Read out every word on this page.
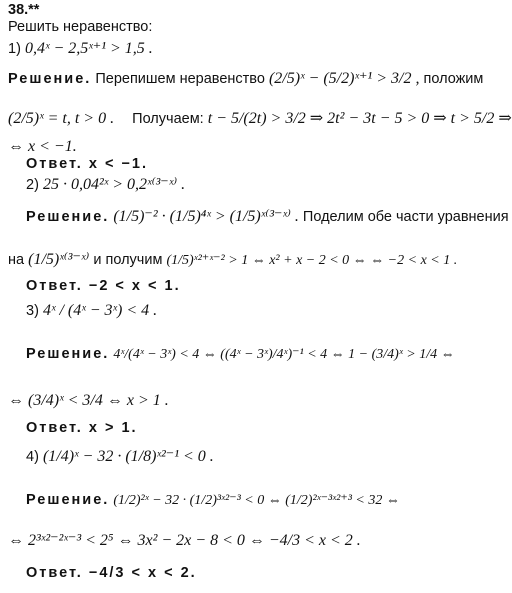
38.**
Решить неравенство:
1) 0,4ˣ − 2,5ˣ⁺¹ > 1,5 .
Решение. Перепишем неравенство (2/5)ˣ − (5/2)ˣ⁺¹ > 3/2 , положим
(2/5)ˣ = t, t > 0 . Получаем: t − 5/(2t) > 3/2 ⇒ 2t² − 3t − 5 > 0 ⇒ t > 5/2 ⇒
⇔ x < −1.
Ответ. x < −1.
2) 25 · 0,04²ˣ > 0,2ˣ⁽³⁻ˣ⁾ .
Решение. (1/5)⁻² · (1/5)⁴ˣ > (1/5)ˣ⁽³⁻ˣ⁾ . Поделим обе части уравнения
на (1/5)ˣ⁽³⁻ˣ⁾ и получим (1/5)ˣ²⁺ˣ⁻² > 1 ⇔ x² + x − 2 < 0 ⇔ ⇔ −2 < x < 1 .
Ответ. −2 < x < 1.
3) 4ˣ / (4ˣ − 3ˣ) < 4 .
Решение. 4ˣ/(4ˣ − 3ˣ) < 4 ⇔ ((4ˣ − 3ˣ)/4ˣ)⁻¹ < 4 ⇔ 1 − (3/4)ˣ > 1/4 ⇔
⇔ (3/4)ˣ < 3/4 ⇔ x > 1 .
Ответ. x > 1.
4) (1/4)ˣ − 32 · (1/8)ˣ²⁻¹ < 0 .
Решение. (1/2)²ˣ − 32 · (1/2)³ˣ²⁻³ < 0 ⇔ (1/2)²ˣ⁻³ˣ²⁺³ < 32 ⇔
⇔ 2³ˣ²⁻²ˣ⁻³ < 2⁵ ⇔ 3x² − 2x − 8 < 0 ⇔ −4/3 < x < 2 .
Ответ. −4/3 < x < 2.
